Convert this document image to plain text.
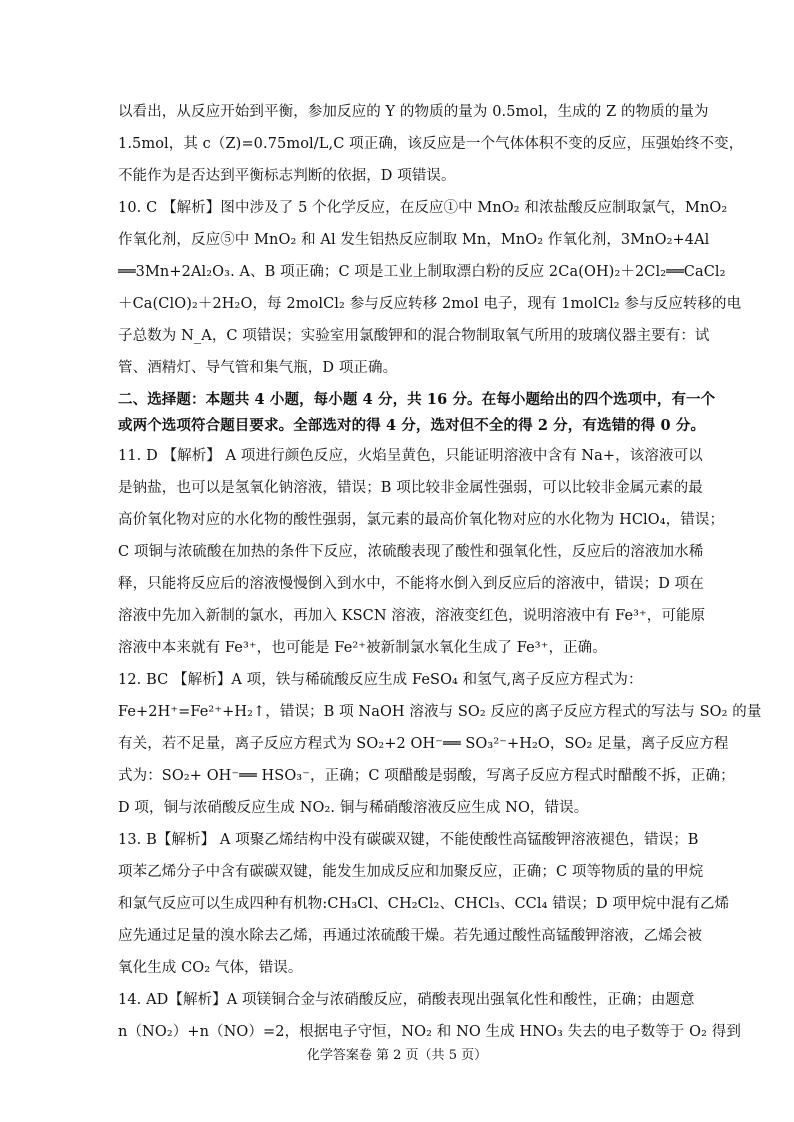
以看出，从反应开始到平衡，参加反应的 Y 的物质的量为 0.5mol，生成的 Z 的物质的量为
1.5mol，其 c（Z)=0.75mol/L,C 项正确，该反应是一个气体体积不变的反应，压强始终不变，
不能作为是否达到平衡标志判断的依据，D 项错误。
10. C 【解析】图中涉及了 5 个化学反应，在反应①中 MnO₂ 和浓盐酸反应制取氯气，MnO₂
作氧化剂，反应⑤中 MnO₂ 和 Al 发生铝热反应制取 Mn，MnO₂ 作氧化剂，3MnO₂+4Al
══3Mn+2Al₂O₃. A、B 项正确；C 项是工业上制取漂白粉的反应 2Ca(OH)₂＋2Cl₂══CaCl₂
＋Ca(ClO)₂＋2H₂O，每 2molCl₂ 参与反应转移 2mol 电子，现有 1molCl₂ 参与反应转移的电
子总数为 N_A，C 项错误；实验室用氯酸钾和的混合物制取氧气所用的玻璃仪器主要有：试
管、酒精灯、导气管和集气瓶，D 项正确。
二、选择题：本题共 4 小题，每小题 4 分，共 16 分。在每小题给出的四个选项中，有一个
或两个选项符合题目要求。全部选对的得 4 分，选对但不全的得 2 分，有选错的得 0 分。
11. D 【解析】 A 项进行颜色反应，火焰呈黄色，只能证明溶液中含有 Na+，该溶液可以
是钠盐，也可以是氢氧化钠溶液，错误；B 项比较非金属性强弱，可以比较非金属元素的最
高价氧化物对应的水化物的酸性强弱，氯元素的最高价氧化物对应的水化物为 HClO₄，错误；
C 项铜与浓硫酸在加热的条件下反应，浓硫酸表现了酸性和强氧化性，反应后的溶液加水稀
释，只能将反应后的溶液慢慢倒入到水中，不能将水倒入到反应后的溶液中，错误；D 项在
溶液中先加入新制的氯水，再加入 KSCN 溶液，溶液变红色，说明溶液中有 Fe³⁺，可能原
溶液中本来就有 Fe³⁺，也可能是 Fe²⁺被新制氯水氧化生成了 Fe³⁺，正确。
12. BC 【解析】A 项，铁与稀硫酸反应生成 FeSO₄ 和氢气,离子反应方程式为：
Fe+2H⁺=Fe²⁺+H₂↑，错误；B 项 NaOH 溶液与 SO₂ 反应的离子反应方程式的写法与 SO₂ 的量
有关，若不足量，离子反应方程式为 SO₂+2 OH⁻══ SO₃²⁻+H₂O，SO₂ 足量，离子反应方程
式为：SO₂+ OH⁻══ HSO₃⁻，正确；C 项醋酸是弱酸，写离子反应方程式时醋酸不拆，正确；
D 项，铜与浓硝酸反应生成 NO₂. 铜与稀硝酸溶液反应生成 NO，错误。
13. B【解析】 A 项聚乙烯结构中没有碳碳双键，不能使酸性高锰酸钾溶液褪色，错误；B
项苯乙烯分子中含有碳碳双键，能发生加成反应和加聚反应，正确；C 项等物质的量的甲烷
和氯气反应可以生成四种有机物:CH₃Cl、CH₂Cl₂、CHCl₃、CCl₄ 错误；D 项甲烷中混有乙烯
应先通过足量的溴水除去乙烯，再通过浓硫酸干燥。若先通过酸性高锰酸钾溶液，乙烯会被
氧化生成 CO₂ 气体，错误。
14. AD【解析】A 项镁铜合金与浓硝酸反应，硝酸表现出强氧化性和酸性，正确；由题意
n（NO₂）+n（NO）=2，根据电子守恒，NO₂ 和 NO 生成 HNO₃ 失去的电子数等于 O₂ 得到
化学答案卷 第 2 页（共 5 页）
